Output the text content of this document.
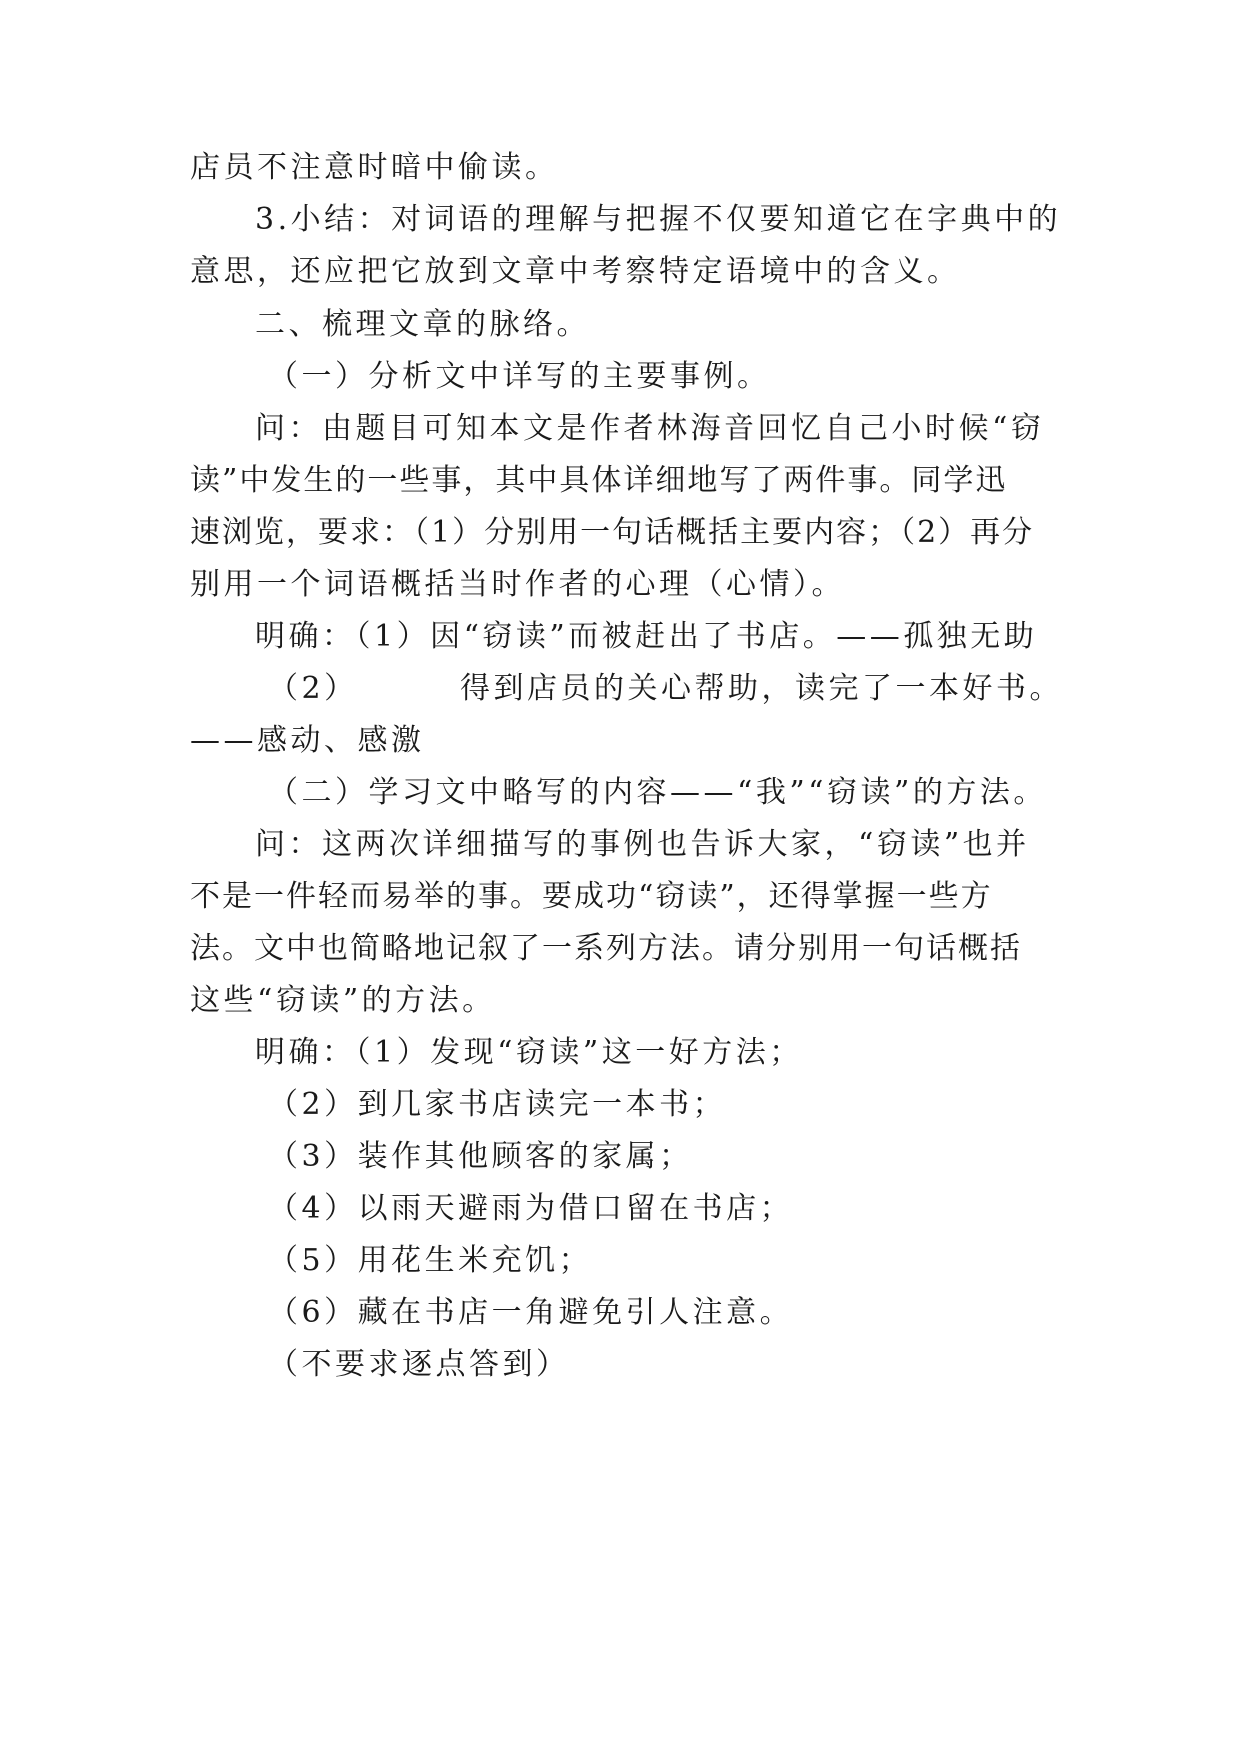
店员不注意时暗中偷读。
3.小结：对词语的理解与把握不仅要知道它在字典中的
意思，还应把它放到文章中考察特定语境中的含义。
二、梳理文章的脉络。
（一）分析文中详写的主要事例。
问：由题目可知本文是作者林海音回忆自己小时候“窃
读”中发生的一些事，其中具体详细地写了两件事。同学迅
速浏览，要求：（1）分别用一句话概括主要内容；（2）再分
别用一个词语概括当时作者的心理（心情）。
明确：（1）因“窃读”而被赶出了书店。——孤独无助
（2）	得到店员的关心帮助，读完了一本好书。
——感动、感激
（二）学习文中略写的内容——“我”“窃读”的方法。
问：这两次详细描写的事例也告诉大家，“窃读”也并
不是一件轻而易举的事。要成功“窃读”，还得掌握一些方
法。文中也简略地记叙了一系列方法。请分别用一句话概括
这些“窃读”的方法。
明确：（1）发现“窃读”这一好方法；
（2）到几家书店读完一本书；
（3）装作其他顾客的家属；
（4）以雨天避雨为借口留在书店；
（5）用花生米充饥；
（6）藏在书店一角避免引人注意。
（不要求逐点答到）
